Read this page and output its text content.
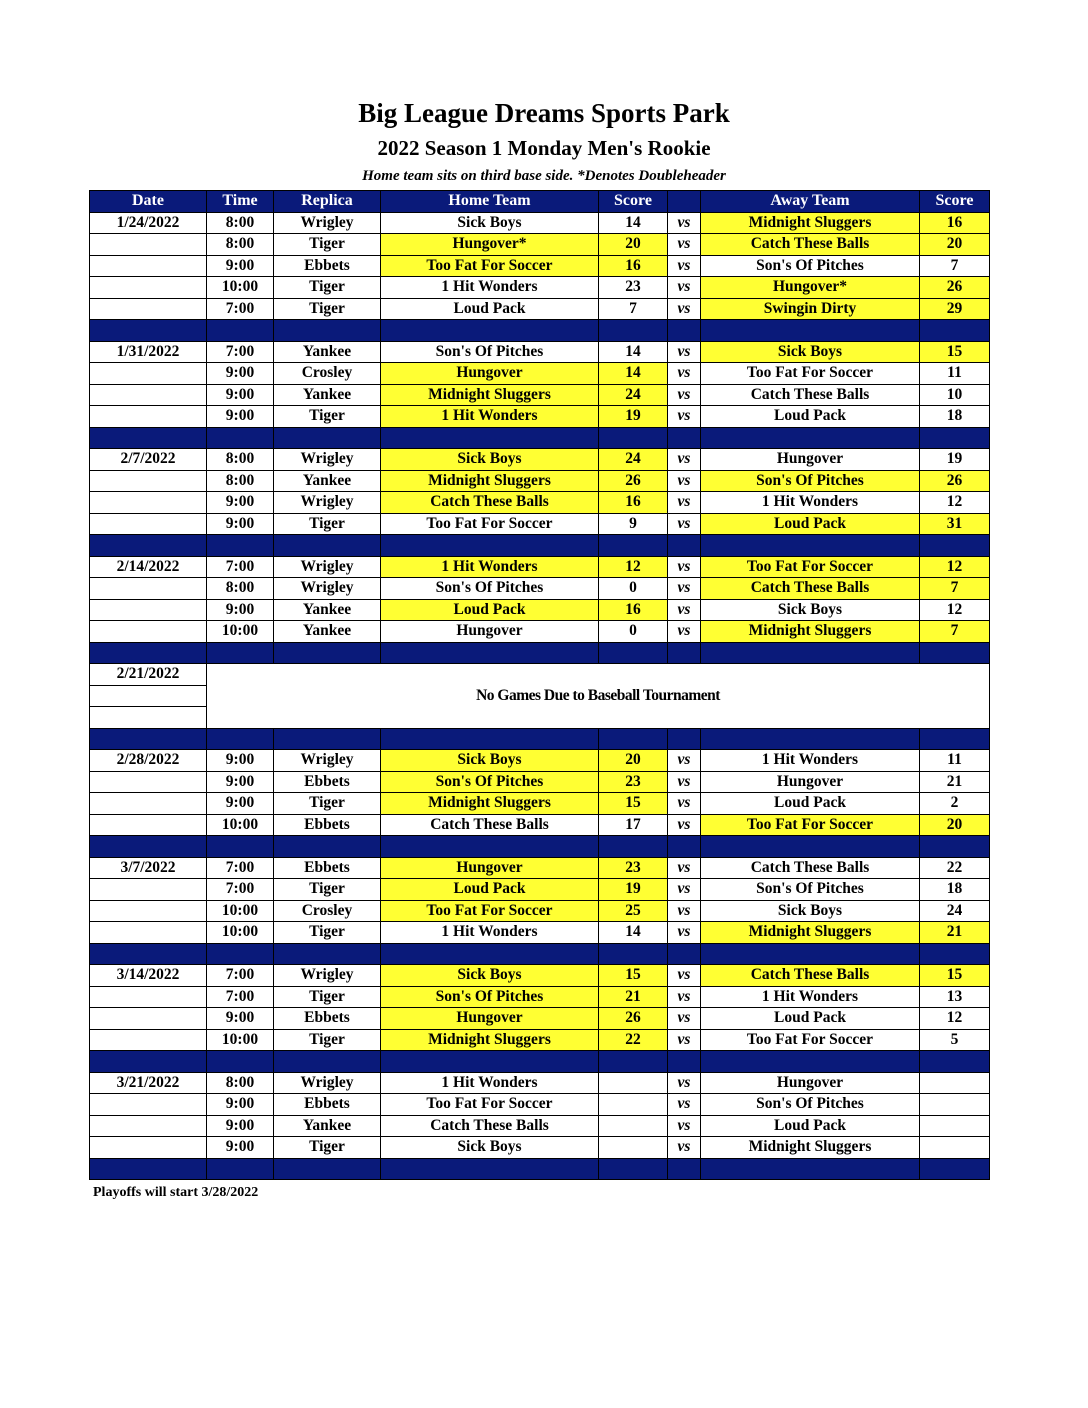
Big League Dreams Sports Park
2022 Season 1 Monday Men's Rookie
Home team sits on third base side. *Denotes Doubleheader
Date	Time	Replica	Home Team	Score		Away Team	Score
1/24/2022	8:00	Wrigley	Sick Boys	14	vs	Midnight Sluggers	16
	8:00	Tiger	Hungover*	20	vs	Catch These Balls	20
	9:00	Ebbets	Too Fat For Soccer	16	vs	Son's Of Pitches	7
	10:00	Tiger	1 Hit Wonders	23	vs	Hungover*	26
	7:00	Tiger	Loud Pack	7	vs	Swingin Dirty	29

1/31/2022	7:00	Yankee	Son's Of Pitches	14	vs	Sick Boys	15
	9:00	Crosley	Hungover	14	vs	Too Fat For Soccer	11
	9:00	Yankee	Midnight Sluggers	24	vs	Catch These Balls	10
	9:00	Tiger	1 Hit Wonders	19	vs	Loud Pack	18

2/7/2022	8:00	Wrigley	Sick Boys	24	vs	Hungover	19
	8:00	Yankee	Midnight Sluggers	26	vs	Son's Of Pitches	26
	9:00	Wrigley	Catch These Balls	16	vs	1 Hit Wonders	12
	9:00	Tiger	Too Fat For Soccer	9	vs	Loud Pack	31

2/14/2022	7:00	Wrigley	1 Hit Wonders	12	vs	Too Fat For Soccer	12
	8:00	Wrigley	Son's Of Pitches	0	vs	Catch These Balls	7
	9:00	Yankee	Loud Pack	16	vs	Sick Boys	12
	10:00	Yankee	Hungover	0	vs	Midnight Sluggers	7

2/21/2022	No Games Due to Baseball Tournament						

2/28/2022	9:00	Wrigley	Sick Boys	20	vs	1 Hit Wonders	11
	9:00	Ebbets	Son's Of Pitches	23	vs	Hungover	21
	9:00	Tiger	Midnight Sluggers	15	vs	Loud Pack	2
	10:00	Ebbets	Catch These Balls	17	vs	Too Fat For Soccer	20

3/7/2022	7:00	Ebbets	Hungover	23	vs	Catch These Balls	22
	7:00	Tiger	Loud Pack	19	vs	Son's Of Pitches	18
	10:00	Crosley	Too Fat For Soccer	25	vs	Sick Boys	24
	10:00	Tiger	1 Hit Wonders	14	vs	Midnight Sluggers	21

3/14/2022	7:00	Wrigley	Sick Boys	15	vs	Catch These Balls	15
	7:00	Tiger	Son's Of Pitches	21	vs	1 Hit Wonders	13
	9:00	Ebbets	Hungover	26	vs	Loud Pack	12
	10:00	Tiger	Midnight Sluggers	22	vs	Too Fat For Soccer	5

3/21/2022	8:00	Wrigley	1 Hit Wonders		vs	Hungover	
	9:00	Ebbets	Too Fat For Soccer		vs	Son's Of Pitches	
	9:00	Yankee	Catch These Balls		vs	Loud Pack	
	9:00	Tiger	Sick Boys		vs	Midnight Sluggers	

Playoffs will start 3/28/2022
